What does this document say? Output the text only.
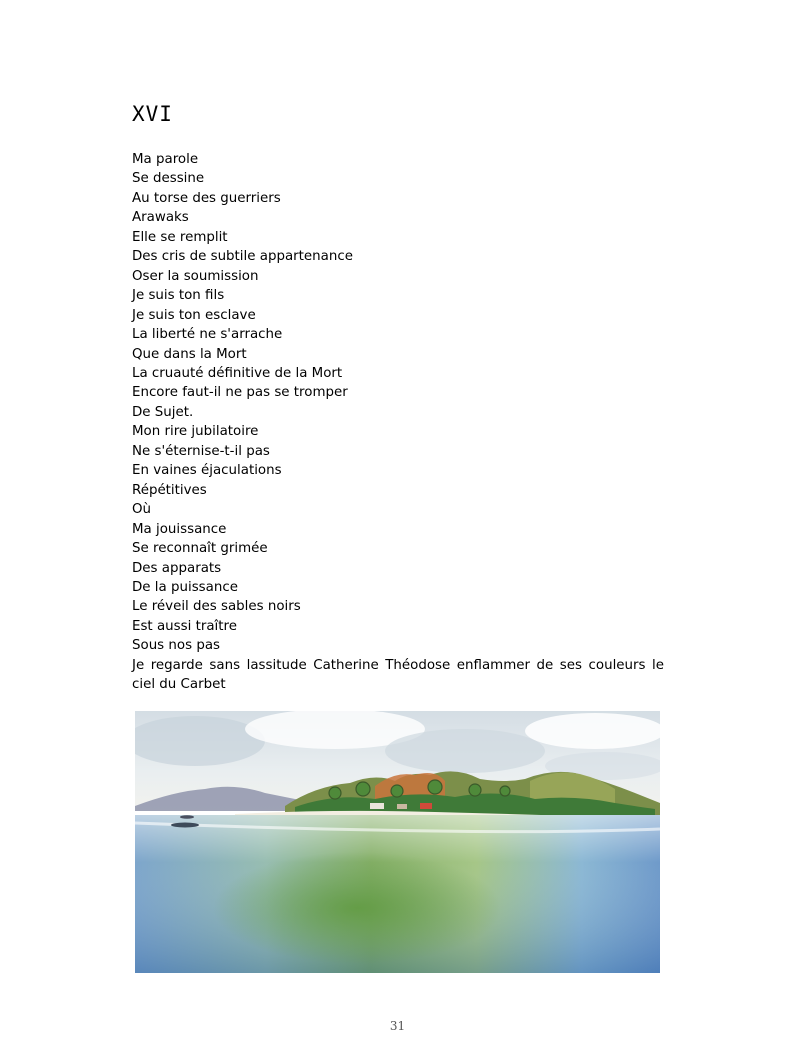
XVI
Ma parole
Se dessine
Au torse des guerriers
Arawaks
Elle se remplit
Des cris de subtile appartenance
Oser la soumission
Je suis ton fils
Je suis ton esclave
La liberté ne s'arrache
Que dans la Mort
La cruauté définitive de la Mort
Encore faut-il ne pas se tromper
De Sujet.
Mon rire jubilatoire
Ne s'éternise-t-il pas
En vaines éjaculations
Répétitives
Où
Ma jouissance
Se reconnaît grimée
Des apparats
De la puissance
Le réveil des sables noirs
Est aussi traître
Sous nos pas
Je regarde sans lassitude Catherine Théodose enflammer de ses couleurs le ciel du Carbet
31
